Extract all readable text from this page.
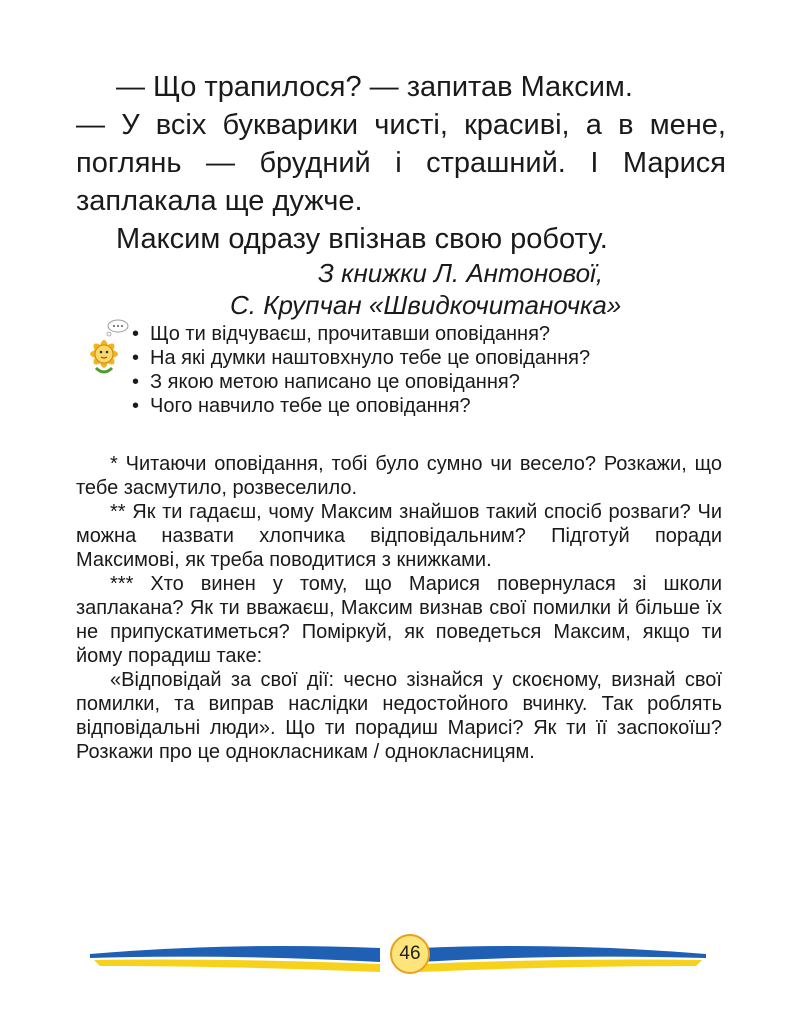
— Що трапилося? — запитав Максим.

— У всіх букварики чисті, красиві, а в мене,

поглянь — брудний і страшний. І Марися

заплакала ще дужче.

Максим одразу впізнав свою роботу.

З книжки Л. Антонової,
С. Крупчан «Швидкочитаночка»
• Що ти відчуваєш, прочитавши оповідання?
• На які думки наштовхнуло тебе це оповідання?
• З якою метою написано це оповідання?
• Чого навчило тебе це оповідання?

* Читаючи оповідання, тобі було сумно чи весело? Розкажи, що тебе засмутило, розвеселило.

** Як ти гадаєш, чому Максим знайшов такий спосіб розваги? Чи можна назвати хлопчика відповідальним? Підготуй поради Максимові, як треба поводитися з книжками.

*** Хто винен у тому, що Марися повернулася зі школи заплакана? Як ти вважаєш, Максим визнав свої помилки й більше їх не припускатиметься? Поміркуй, як поведеться Максим, якщо ти йому порадиш таке:

«Відповідай за свої дії: чесно зізнайся у скоєному, визнай свої помилки, та виправ наслідки недостойного вчинку. Так роблять відповідальні люди». Що ти порадиш Марисі? Як ти її заспокоїш? Розкажи про це однокласникам / однокласницям.

46
